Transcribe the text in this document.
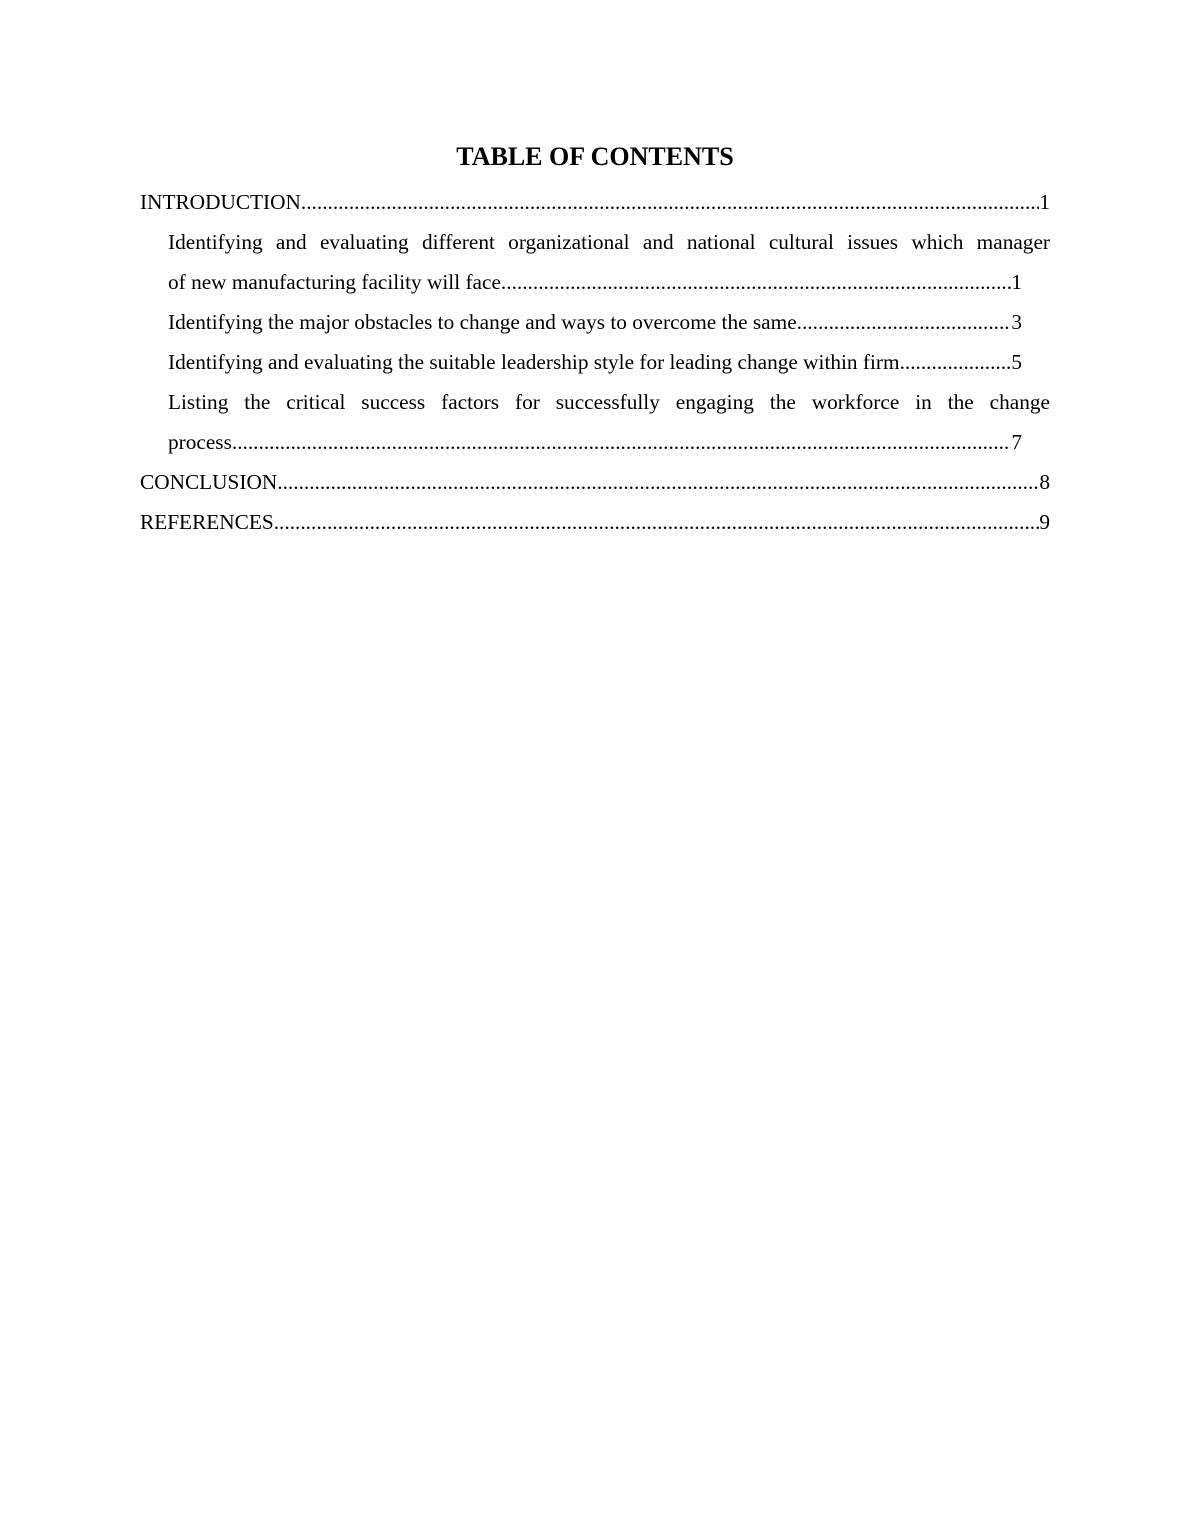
TABLE OF CONTENTS
INTRODUCTION .....	1
Identifying and evaluating different organizational and national cultural issues which manager
of new manufacturing facility will face .....	1
Identifying the major obstacles to change and ways to overcome the same .....	3
Identifying and evaluating the suitable leadership style for leading change within firm .....	5
Listing the critical success factors for successfully engaging the workforce in the change
process .....	7
CONCLUSION .....	8
REFERENCES .....	9
